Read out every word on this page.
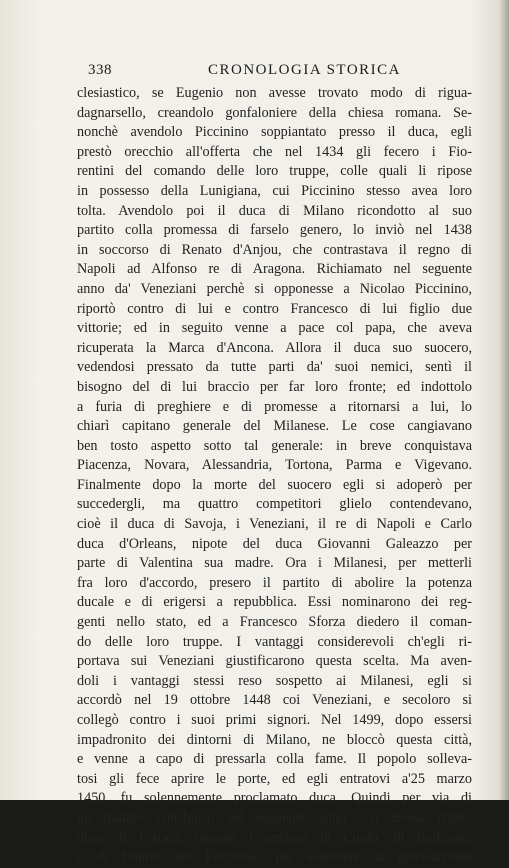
338	CRONOLOGIA STORICA
clesiastico, se Eugenio non avesse trovato modo di rigua-
dagnarsello, creandolo gonfaloniere della chiesa romana. Se-
nonchè avendolo Piccinino soppiantato presso il duca, egli
prestò orecchio all'offerta che nel 1434 gli fecero i Fio-
rentini del comando delle loro truppe, colle quali li ripose
in possesso della Lunigiana, cui Piccinino stesso avea loro
tolta. Avendolo poi il duca di Milano ricondotto al suo
partito colla promessa di farselo genero, lo inviò nel 1438
in soccorso di Renato d'Anjou, che contrastava il regno di
Napoli ad Alfonso re di Aragona. Richiamato nel seguente
anno da' Veneziani perchè si opponesse a Nicolao Piccinino,
riportò contro di lui e contro Francesco di lui figlio due
vittorie; ed in seguito venne a pace col papa, che aveva
ricuperata la Marca d'Ancona. Allora il duca suo suocero,
vedendosi pressato da tutte parti da' suoi nemici, sentì il
bisogno del di lui braccio per far loro fronte; ed indottolo
a furia di preghiere e di promesse a ritornarsi a lui, lo
chiarì capitano generale del Milanese. Le cose cangiavano
ben tosto aspetto sotto tal generale: in breve conquistava
Piacenza, Novara, Alessandria, Tortona, Parma e Vigevano.
Finalmente dopo la morte del suocero egli si adoperò per
succedergli, ma quattro competitori glielo contendevano,
cioè il duca di Savoja, i Veneziani, il re di Napoli e Carlo
duca d'Orleans, nipote del duca Giovanni Galeazzo per
parte di Valentina sua madre. Ora i Milanesi, per metterli
fra loro d'accordo, presero il partito di abolire la potenza
ducale e di erigersi a repubblica. Essi nominarono dei reg-
genti nello stato, ed a Francesco Sforza diedero il coman-
do delle loro truppe. I vantaggi considerevoli ch'egli ri-
portava sui Veneziani giustificarono questa scelta. Ma aven-
doli i vantaggi stessi reso sospetto ai Milanesi, egli si
accordò nel 19 ottobre 1448 coi Veneziani, e secoloro si
collegò contro i suoi primi signori. Nel 1499, dopo essersi
impadronito dei dintorni di Milano, ne bloccò questa città,
e venne a capo di pressarla colla fame. Il popolo solleva-
tosi gli fece aprire le porte, ed egli entratovi a'25 marzo
1450, fu solennemente proclamato duca. Quindi per via di
un trattato conchiuso nel seguente anno con Borso d'Este
duca di Ferrara, ottenne i territori di Cunio, di Barbiano,
e di Bubrio nel Ferrarese, per estendere la giurisdizione
